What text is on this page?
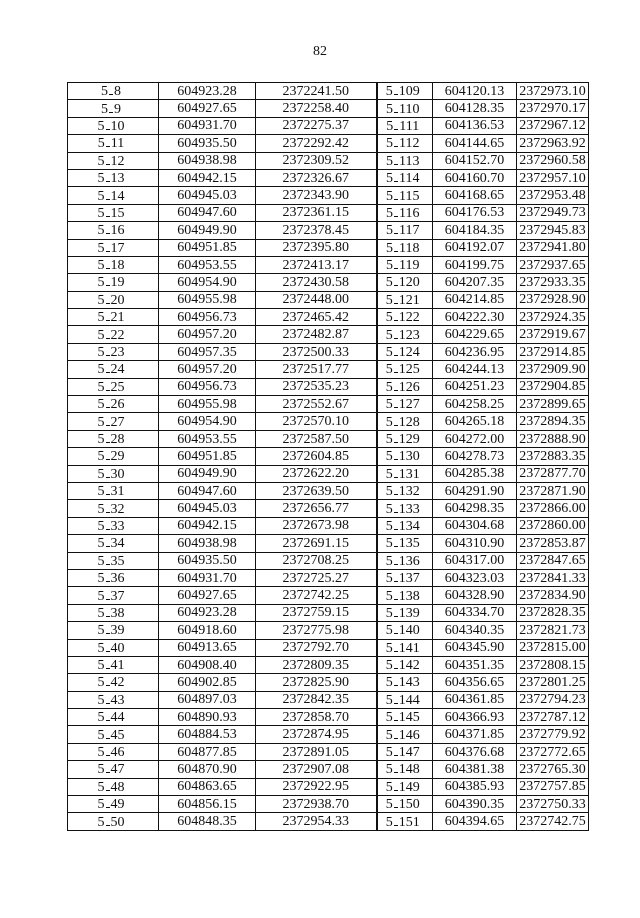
82
5 8	604923.28	2372241.50	5 109	604120.13	2372973.10
5 9	604927.65	2372258.40	5 110	604128.35	2372970.17
5 10	604931.70	2372275.37	5 111	604136.53	2372967.12
5 11	604935.50	2372292.42	5 112	604144.65	2372963.92
5 12	604938.98	2372309.52	5 113	604152.70	2372960.58
5 13	604942.15	2372326.67	5 114	604160.70	2372957.10
5 14	604945.03	2372343.90	5 115	604168.65	2372953.48
5 15	604947.60	2372361.15	5 116	604176.53	2372949.73
5 16	604949.90	2372378.45	5 117	604184.35	2372945.83
5 17	604951.85	2372395.80	5 118	604192.07	2372941.80
5 18	604953.55	2372413.17	5 119	604199.75	2372937.65
5 19	604954.90	2372430.58	5 120	604207.35	2372933.35
5 20	604955.98	2372448.00	5 121	604214.85	2372928.90
5 21	604956.73	2372465.42	5 122	604222.30	2372924.35
5 22	604957.20	2372482.87	5 123	604229.65	2372919.67
5 23	604957.35	2372500.33	5 124	604236.95	2372914.85
5 24	604957.20	2372517.77	5 125	604244.13	2372909.90
5 25	604956.73	2372535.23	5 126	604251.23	2372904.85
5 26	604955.98	2372552.67	5 127	604258.25	2372899.65
5 27	604954.90	2372570.10	5 128	604265.18	2372894.35
5 28	604953.55	2372587.50	5 129	604272.00	2372888.90
5 29	604951.85	2372604.85	5 130	604278.73	2372883.35
5 30	604949.90	2372622.20	5 131	604285.38	2372877.70
5 31	604947.60	2372639.50	5 132	604291.90	2372871.90
5 32	604945.03	2372656.77	5 133	604298.35	2372866.00
5 33	604942.15	2372673.98	5 134	604304.68	2372860.00
5 34	604938.98	2372691.15	5 135	604310.90	2372853.87
5 35	604935.50	2372708.25	5 136	604317.00	2372847.65
5 36	604931.70	2372725.27	5 137	604323.03	2372841.33
5 37	604927.65	2372742.25	5 138	604328.90	2372834.90
5 38	604923.28	2372759.15	5 139	604334.70	2372828.35
5 39	604918.60	2372775.98	5 140	604340.35	2372821.73
5 40	604913.65	2372792.70	5 141	604345.90	2372815.00
5 41	604908.40	2372809.35	5 142	604351.35	2372808.15
5 42	604902.85	2372825.90	5 143	604356.65	2372801.25
5 43	604897.03	2372842.35	5 144	604361.85	2372794.23
5 44	604890.93	2372858.70	5 145	604366.93	2372787.12
5 45	604884.53	2372874.95	5 146	604371.85	2372779.92
5 46	604877.85	2372891.05	5 147	604376.68	2372772.65
5 47	604870.90	2372907.08	5 148	604381.38	2372765.30
5 48	604863.65	2372922.95	5 149	604385.93	2372757.85
5 49	604856.15	2372938.70	5 150	604390.35	2372750.33
5 50	604848.35	2372954.33	5 151	604394.65	2372742.75
